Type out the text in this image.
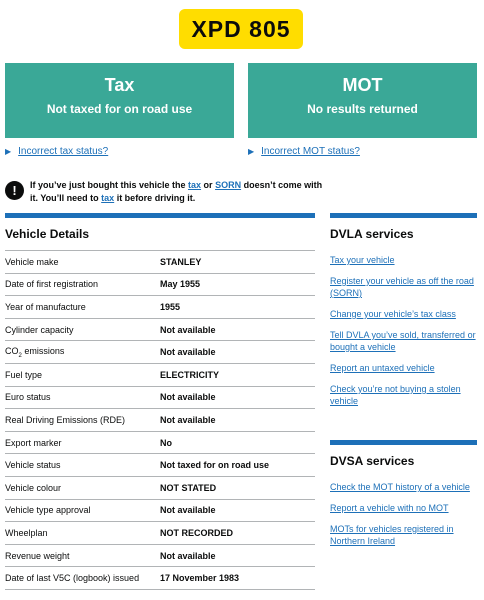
XPD 805
Tax
Not taxed for on road use
MOT
No results returned
▶ Incorrect tax status?	▶ Incorrect MOT status?
!	If you’ve just bought this vehicle the tax or SORN doesn’t come with it. You’ll need to tax it before driving it.

Vehicle Details
Vehicle make	STANLEY
Date of first registration	May 1955
Year of manufacture	1955
Cylinder capacity	Not available
$CO_2$ emissions	Not available
Fuel type	ELECTRICITY
Euro status	Not available
Real Driving Emissions (RDE)	Not available
Export marker	No
Vehicle status	Not taxed for on road use
Vehicle colour	NOT STATED
Vehicle type approval	Not available
Wheelplan	NOT RECORDED
Revenue weight	Not available
Date of last V5C (logbook) issued	17 November 1983
DVLA services
Tax your vehicle
Register your vehicle as off the road (SORN)
Change your vehicle’s tax class
Tell DVLA you’ve sold, transferred or bought a vehicle
Report an untaxed vehicle
Check you’re not buying a stolen vehicle
DVSA services
Check the MOT history of a vehicle
Report a vehicle with no MOT
MOTs for vehicles registered in Northern Ireland
